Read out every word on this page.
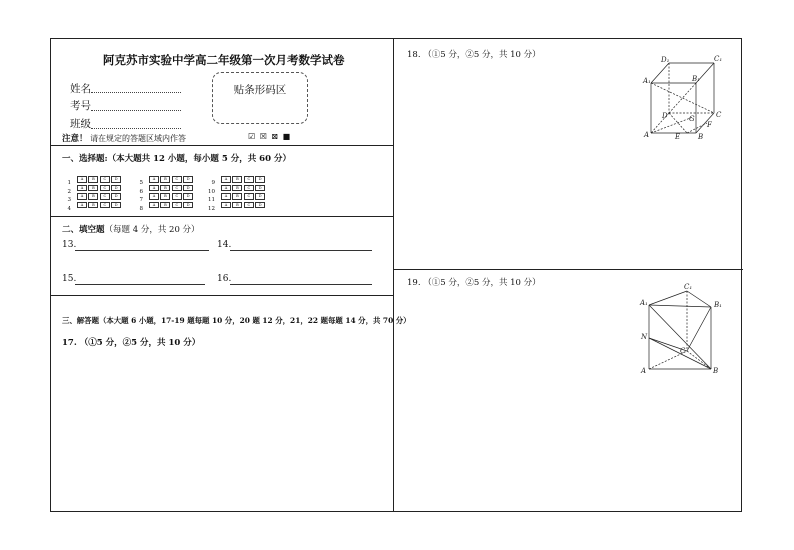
阿克苏市实验中学高二年级第一次月考数学试卷
姓名
考号
班级
贴条形码区
注意！ 请在规定的答题区域内作答	☑ ☒ ⊠ ■
一、选择题:（本大题共 12 小题，每小题 5 分，共 60 分）
1A	B	C D
2A	B	C D
3A	B	C D
4A	B	C D
5A	B	C D
6A	B	C D
7A	B	C D
8A	B	C D
9A	B	C D
10A	B	C D
11A	B	C D
12A	B	C D
二、填空题（每题 4 分，共 20 分）
13.	14.
15.	16.
三、解答题（本大题 6 小题，17-19 题每题 10 分，20 题 12 分，21，22 题每题 14 分，共 70 分）
17. （①5 分，②5 分，共 10 分）
18. （①5 分，②5 分，共 10 分）	D₁
B₁
C₁
A₁
D	G
F
C
A	E	B
19. （①5 分，②5 分，共 10 分）	C₁
A₁	B₁
N
C
A	B
